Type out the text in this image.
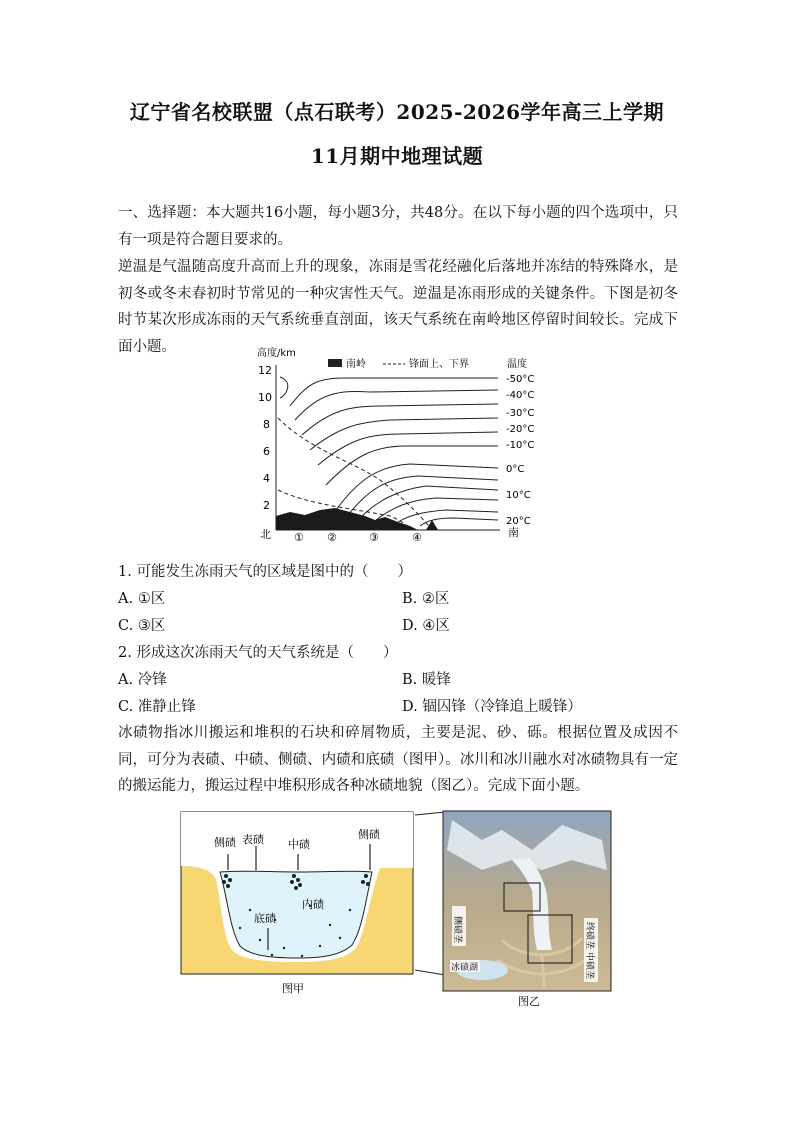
辽宁省名校联盟（点石联考）2025-2026学年高三上学期
11月期中地理试题
一、选择题：本大题共16小题，每小题3分，共48分。在以下每小题的四个选项中，只有一项是符合题目要求的。
逆温是气温随高度升高而上升的现象，冻雨是雪花经融化后落地并冻结的特殊降水，是初冬或冬末春初时节常见的一种灾害性天气。逆温是冻雨形成的关键条件。下图是初冬时节某次形成冻雨的天气系统垂直剖面，该天气系统在南岭地区停留时间较长。完成下面小题。	高度/km
南岭	锋面上、下界	温度
12
10
8
6
4
2
-50°C
-40°C
-30°C
-20°C
-10°C
0°C
10°C
20°C
北	南
① ②	③	④
1. 可能发生冻雨天气的区域是图中的（　　）
A. ①区	B. ②区
C. ③区	D. ④区
2. 形成这次冻雨天气的天气系统是（　　）
A. 冷锋	B. 暖锋
C. 准静止锋	D. 锢囚锋（冷锋追上暖锋）
冰碛物指冰川搬运和堆积的石块和碎屑物质，主要是泥、砂、砾。根据位置及成因不同，可分为表碛、中碛、侧碛、内碛和底碛（图甲）。冰川和冰川融水对冰碛物具有一定的搬运能力，搬运过程中堆积形成各种冰碛地貌（图乙）。完成下面小题。
侧碛 表碛 中碛
侧碛
内碛
底碛
图甲
侧碛垄
冰碛湖
终碛垄
中碛垄
图乙
